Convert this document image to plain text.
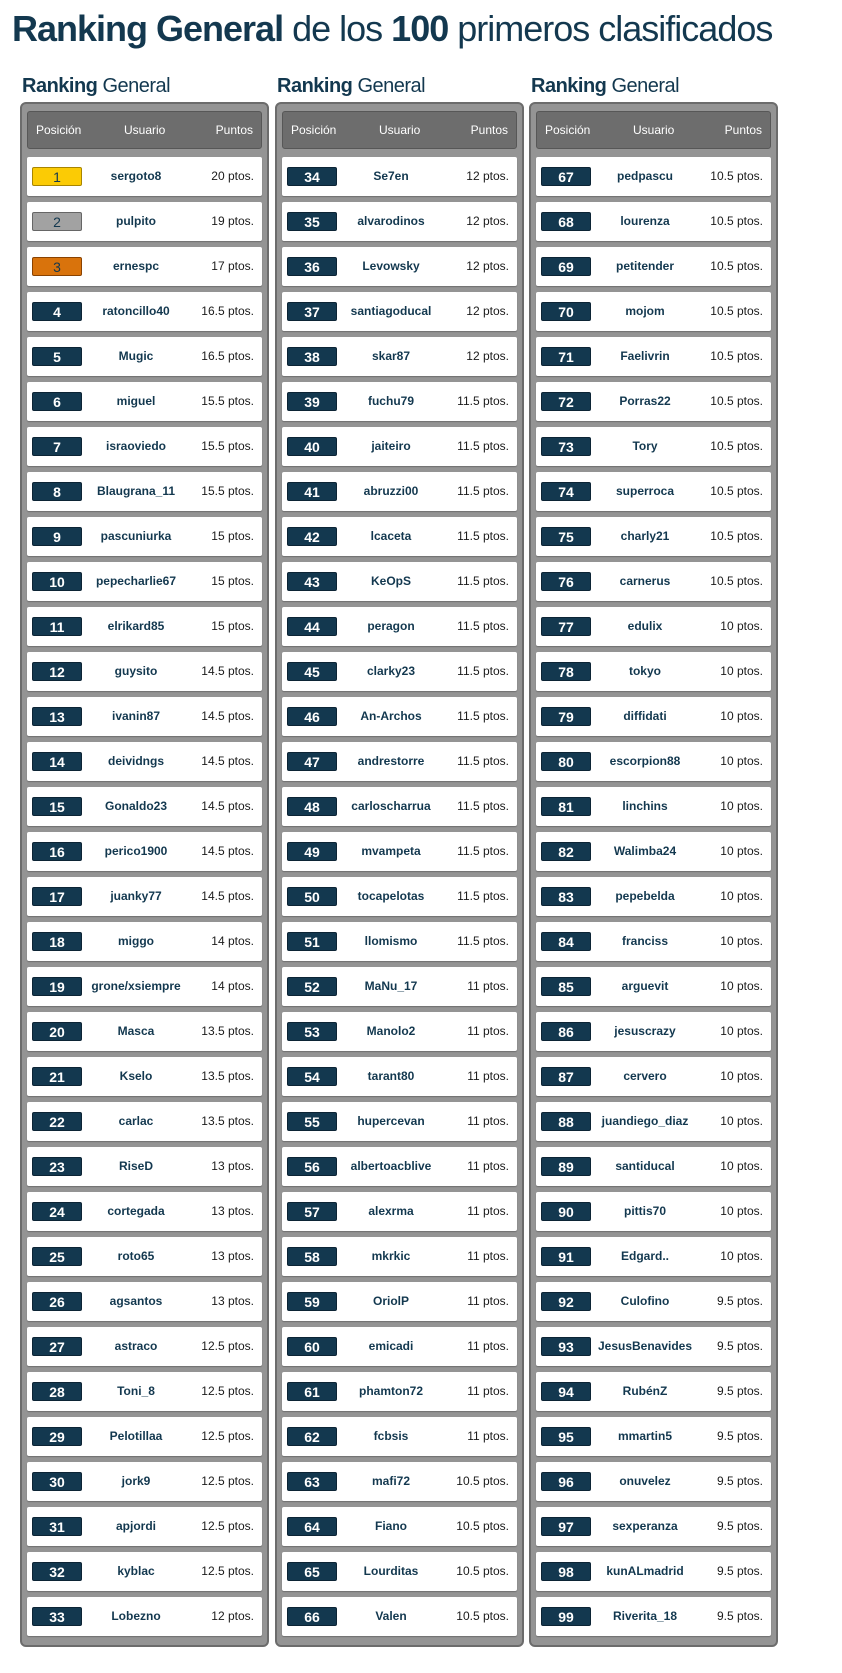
Ranking General de los 100 primeros clasificados
Ranking General
Posición	Usuario	Puntos
1	sergoto8	20 ptos.
2	pulpito	19 ptos.
3	ernespc	17 ptos.
4	ratoncillo40	16.5 ptos.
5	Mugic	16.5 ptos.
6	miguel	15.5 ptos.
7	israoviedo	15.5 ptos.
8	Blaugrana_11	15.5 ptos.
9	pascuniurka	15 ptos.
10	pepecharlie67	15 ptos.
11	elrikard85	15 ptos.
12	guysito	14.5 ptos.
13	ivanin87	14.5 ptos.
14	deividngs	14.5 ptos.
15	Gonaldo23	14.5 ptos.
16	perico1900	14.5 ptos.
17	juanky77	14.5 ptos.
18	miggo	14 ptos.
19	grone/xsiempre	14 ptos.
20	Masca	13.5 ptos.
21	Kselo	13.5 ptos.
22	carlac	13.5 ptos.
23	RiseD	13 ptos.
24	cortegada	13 ptos.
25	roto65	13 ptos.
26	agsantos	13 ptos.
27	astraco	12.5 ptos.
28	Toni_8	12.5 ptos.
29	Pelotillaa	12.5 ptos.
30	jork9	12.5 ptos.
31	apjordi	12.5 ptos.
32	kyblac	12.5 ptos.
33	Lobezno	12 ptos.
Ranking General
Posición	Usuario	Puntos
34	Se7en	12 ptos.
35	alvarodinos	12 ptos.
36	Levowsky	12 ptos.
37	santiagoducal	12 ptos.
38	skar87	12 ptos.
39	fuchu79	11.5 ptos.
40	jaiteiro	11.5 ptos.
41	abruzzi00	11.5 ptos.
42	lcaceta	11.5 ptos.
43	KeOpS	11.5 ptos.
44	peragon	11.5 ptos.
45	clarky23	11.5 ptos.
46	An-Archos	11.5 ptos.
47	andrestorre	11.5 ptos.
48	carloscharrua	11.5 ptos.
49	mvampeta	11.5 ptos.
50	tocapelotas	11.5 ptos.
51	llomismo	11.5 ptos.
52	MaNu_17	11 ptos.
53	Manolo2	11 ptos.
54	tarant80	11 ptos.
55	hupercevan	11 ptos.
56	albertoacblive	11 ptos.
57	alexrma	11 ptos.
58	mkrkic	11 ptos.
59	OriolP	11 ptos.
60	emicadi	11 ptos.
61	phamton72	11 ptos.
62	fcbsis	11 ptos.
63	mafi72	10.5 ptos.
64	Fiano	10.5 ptos.
65	Lourditas	10.5 ptos.
66	Valen	10.5 ptos.
Ranking General
Posición	Usuario	Puntos
67	pedpascu	10.5 ptos.
68	lourenza	10.5 ptos.
69	petitender	10.5 ptos.
70	mojom	10.5 ptos.
71	Faelivrin	10.5 ptos.
72	Porras22	10.5 ptos.
73	Tory	10.5 ptos.
74	superroca	10.5 ptos.
75	charly21	10.5 ptos.
76	carnerus	10.5 ptos.
77	edulix	10 ptos.
78	tokyo	10 ptos.
79	diffidati	10 ptos.
80	escorpion88	10 ptos.
81	linchins	10 ptos.
82	Walimba24	10 ptos.
83	pepebelda	10 ptos.
84	franciss	10 ptos.
85	arguevit	10 ptos.
86	jesuscrazy	10 ptos.
87	cervero	10 ptos.
88	juandiego_diaz	10 ptos.
89	santiducal	10 ptos.
90	pittis70	10 ptos.
91	Edgard..	10 ptos.
92	Culofino	9.5 ptos.
93	JesusBenavides 9.5 ptos.
94	RubénZ	9.5 ptos.
95	mmartin5	9.5 ptos.
96	onuvelez	9.5 ptos.
97	sexperanza	9.5 ptos.
98	kunALmadrid	9.5 ptos.
99	Riverita_18	9.5 ptos.
